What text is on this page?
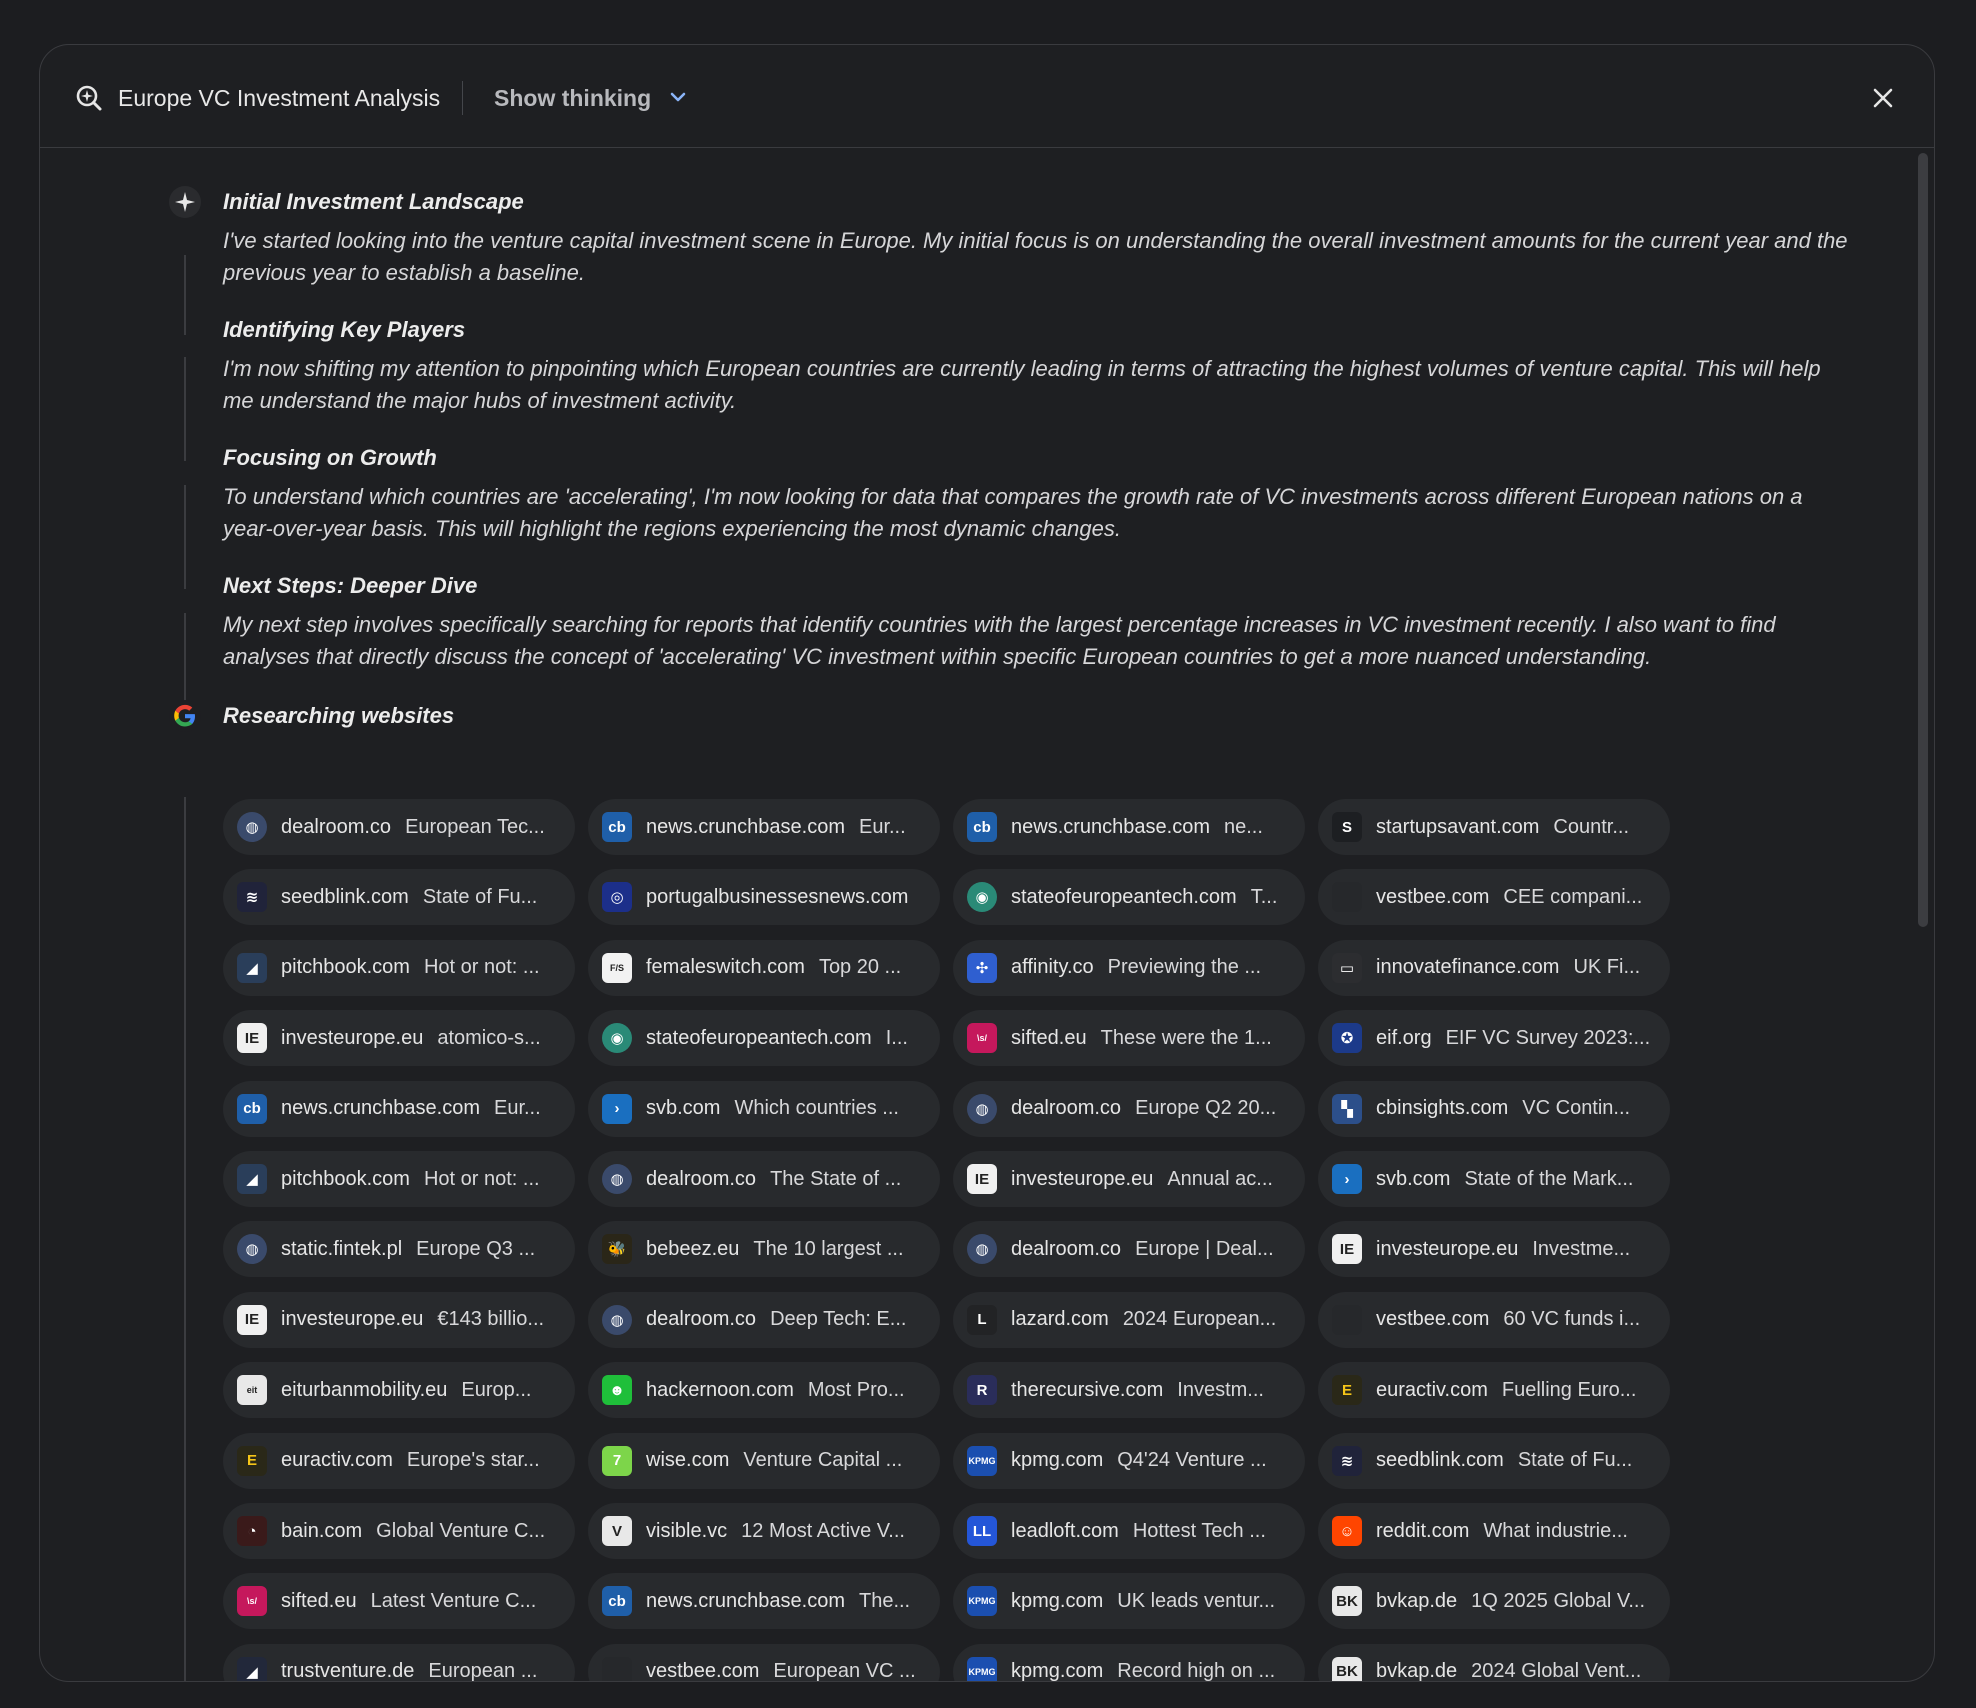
Europe VC Investment Analysis Show thinking
Initial Investment Landscape
I've started looking into the venture capital investment scene in Europe. My initial focus is on understanding the overall investment amounts for the current year and the previous year to establish a baseline.
Identifying Key Players
I'm now shifting my attention to pinpointing which European countries are currently leading in terms of attracting the highest volumes of venture capital. This will help me understand the major hubs of investment activity.
Focusing on Growth
To understand which countries are 'accelerating', I'm now looking for data that compares the growth rate of VC investments across different European nations on a year-over-year basis. This will highlight the regions experiencing the most dynamic changes.
Next Steps: Deeper Dive
My next step involves specifically searching for reports that identify countries with the largest percentage increases in VC investment recently. I also want to find analyses that directly discuss the concept of 'accelerating' VC investment within specific European countries to get a more nuanced understanding.
Researching websites
◍	dealroom.co European Tec...	cb	news.crunchbase.com Eur...	cb	news.crunchbase.com ne...	S	startupsavant.com Countr...
≋	seedblink.com State of Fu...	◎	portugalbusinessesnews.com	◉	stateofeuropeantech.com T...	vestbee.com CEE compani...
◢	pitchbook.com Hot or not: ...	F/S	femaleswitch.com Top 20 ...	✣	affinity.co Previewing the ...	▭	innovatefinance.com UK Fi...
IE	investeurope.eu atomico-s...	◉	stateofeuropeantech.com I...	\s/	sifted.eu These were the 1...	✪	eif.org EIF VC Survey 2023:...
cb	news.crunchbase.com Eur...	›	svb.com Which countries ...	◍	dealroom.co Europe Q2 20...	▚	cbinsights.com VC Contin...
◢	pitchbook.com Hot or not: ...	◍	dealroom.co The State of ...	IE	investeurope.eu Annual ac...	›	svb.com State of the Mark...
◍	static.fintek.pl Europe Q3 ...	🐝 bebeez.eu The 10 largest ...	◍	dealroom.co Europe | Deal...	IE	investeurope.eu Investme...
IE	investeurope.eu €143 billio...	◍	dealroom.co Deep Tech: E...	L	lazard.com 2024 European...	vestbee.com 60 VC funds i...
eit	eiturbanmobility.eu Europ...	☻	hackernoon.com Most Pro...	R	therecursive.com Investm...	E	euractiv.com Fuelling Euro...
E	euractiv.com Europe's star...	7	wise.com Venture Capital ...	KPMG kpmg.com Q4'24 Venture ...	≋	seedblink.com State of Fu...
◔	bain.com Global Venture C...	V	visible.vc 12 Most Active V...	LL leadloft.com Hottest Tech ...	☺	reddit.com What industrie...
\s/	sifted.eu Latest Venture C...	cb	news.crunchbase.com The...	KPMG kpmg.com UK leads ventur...	BK bvkap.de 1Q 2025 Global V...
◢	trustventure.de European ...	vestbee.com European VC ...	KPMG kpmg.com Record high on ...	BK bvkap.de 2024 Global Vent...
